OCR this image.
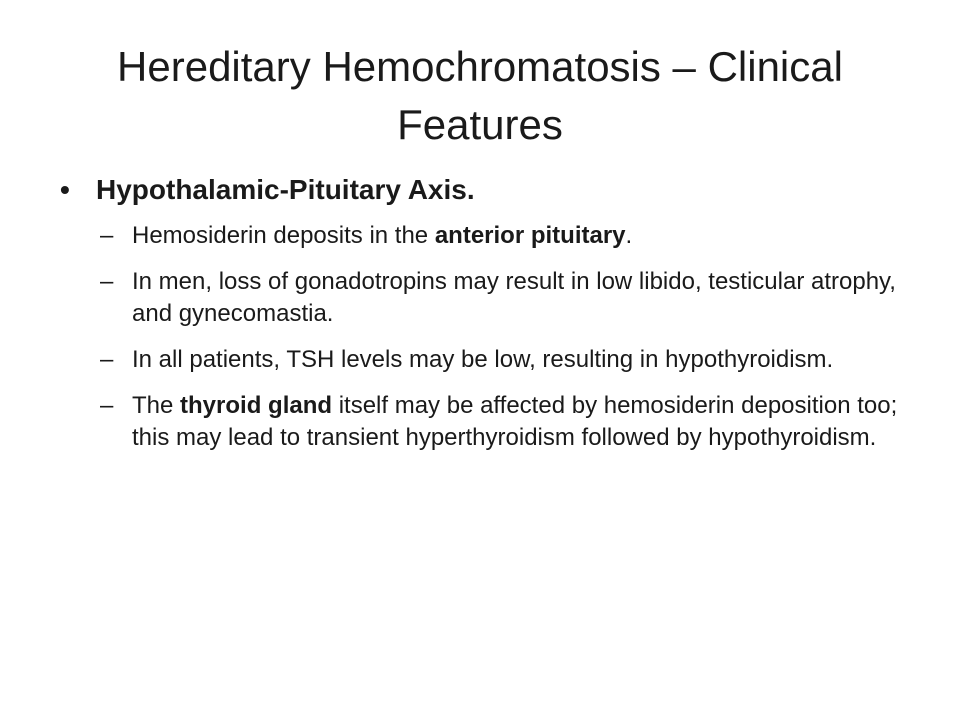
Hereditary Hemochromatosis – Clinical Features
• Hypothalamic-Pituitary Axis.
– Hemosiderin deposits in the anterior pituitary.
– In men, loss of gonadotropins may result in low libido, testicular atrophy, and gynecomastia.
– In all patients, TSH levels may be low, resulting in hypothyroidism.
– The thyroid gland itself may be affected by hemosiderin deposition too; this may lead to transient hyperthyroidism followed by hypothyroidism.
